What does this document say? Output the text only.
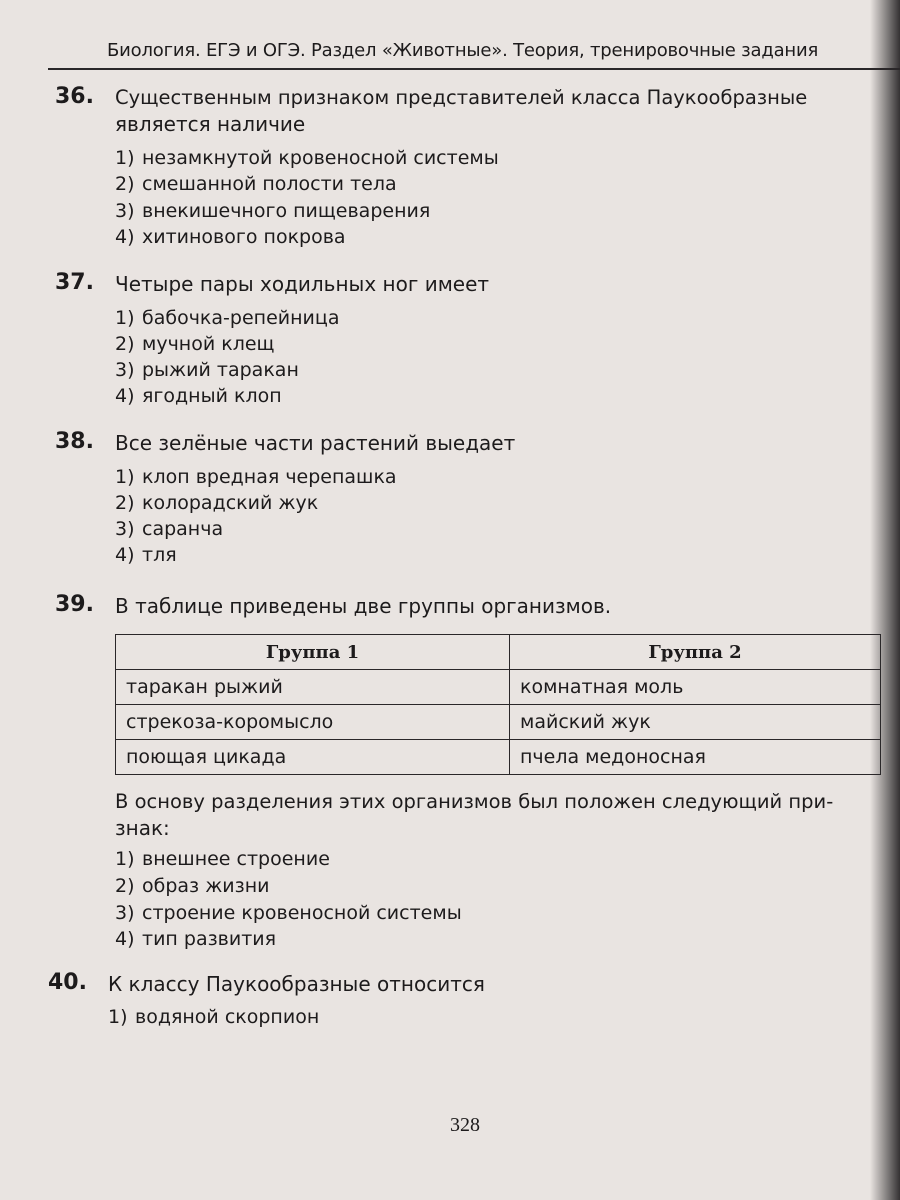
Биология. ЕГЭ и ОГЭ. Раздел «Животные». Теория, тренировочные задания
36. Существенным признаком представителей класса Паукообразные
является наличие
1) незамкнутой кровеносной системы
2) смешанной полости тела
3) внекишечного пищеварения
4) хитинового покрова
37. Четыре пары ходильных ног имеет
1) бабочка-репейница
2) мучной клещ
3) рыжий таракан
4) ягодный клоп
38. Все зелёные части растений выедает
1) клоп вредная черепашка
2) колорадский жук
3) саранча
4) тля
39. В таблице приведены две группы организмов.
Группа 1	Группа 2
таракан рыжий	комнатная моль
стрекоза-коромысло	майский жук
поющая цикада	пчела медоносная
В основу разделения этих организмов был положен следующий при-
знак:
1) внешнее строение
2) образ жизни
3) строение кровеносной системы
4) тип развития
40. К классу Паукообразные относится
1) водяной скорпион
328
